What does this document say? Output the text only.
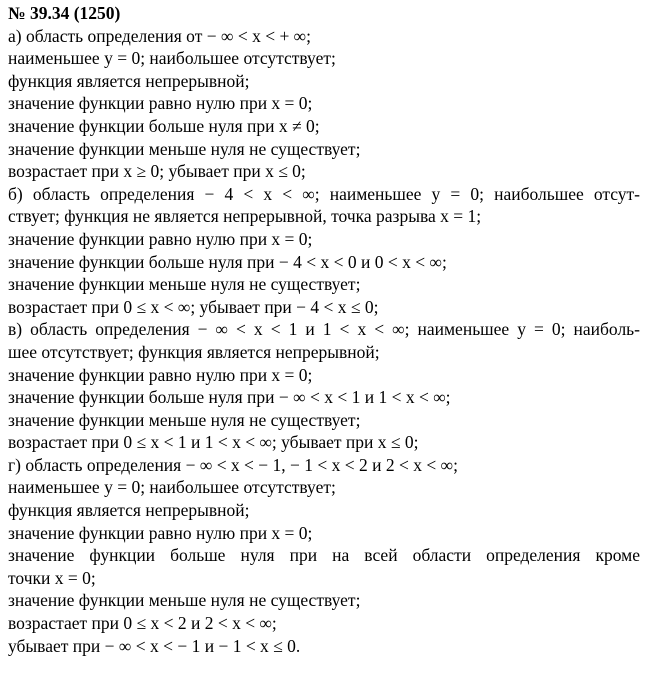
№ 39.34 (1250)
а) область определения от − ∞ < x < + ∞;
наименьшее y = 0; наибольшее отсутствует;
функция является непрерывной;
значение функции равно нулю при x = 0;
значение функции больше нуля при x ≠ 0;
значение функции меньше нуля не существует;
возрастает при x ≥ 0; убывает при x ≤ 0;
б) область определения − 4 < x < ∞; наименьшее y = 0; наибольшее отсут-
ствует; функция не является непрерывной, точка разрыва x = 1;
значение функции равно нулю при x = 0;
значение функции больше нуля при − 4 < x < 0 и 0 < x < ∞;
значение функции меньше нуля не существует;
возрастает при 0 ≤ x < ∞; убывает при − 4 < x ≤ 0;
в) область определения − ∞ < x < 1 и 1 < x < ∞; наименьшее y = 0; наиболь-
шее отсутствует; функция является непрерывной;
значение функции равно нулю при x = 0;
значение функции больше нуля при − ∞ < x < 1 и 1 < x < ∞;
значение функции меньше нуля не существует;
возрастает при 0 ≤ x < 1 и 1 < x < ∞; убывает при x ≤ 0;
г) область определения − ∞ < x < − 1, − 1 < x < 2 и 2 < x < ∞;
наименьшее y = 0; наибольшее отсутствует;
функция является непрерывной;
значение функции равно нулю при x = 0;
значение функции больше нуля при на всей области определения кроме
точки x = 0;
значение функции меньше нуля не существует;
возрастает при 0 ≤ x < 2 и 2 < x < ∞;
убывает при − ∞ < x < − 1 и − 1 < x ≤ 0.
